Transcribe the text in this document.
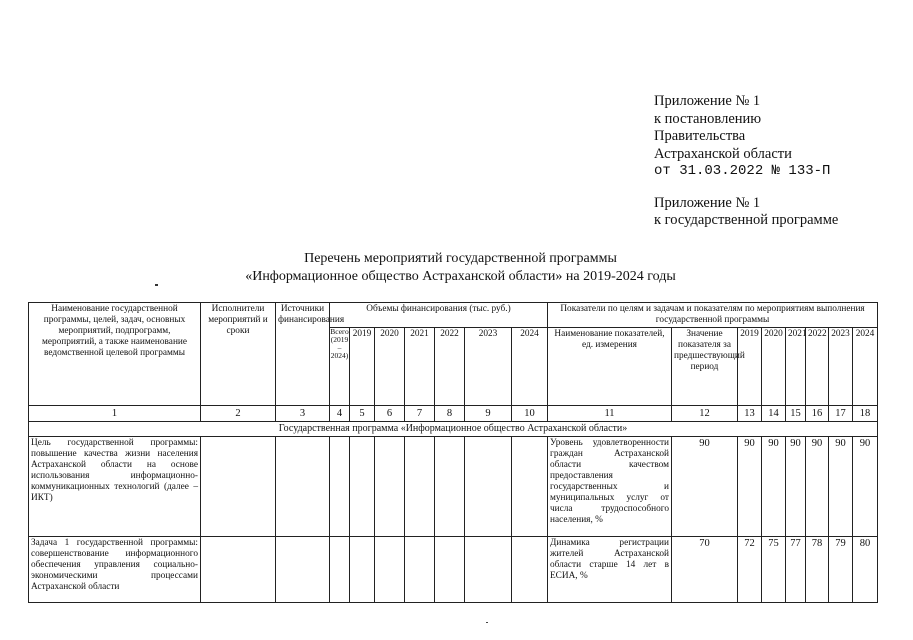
Приложение № 1
к постановлению
Правительства
Астраханской области
от 31.03.2022 № 133-П
Приложение № 1
к государственной программе
Перечень мероприятий государственной программы
«Информационное общество Астраханской области» на 2019-2024 годы
Наименование государственной программы, целей, задач, основных мероприятий, подпрограмм, мероприятий, а также наименование ведомственной целевой программы	Исполнители мероприятий и сроки	Источники финансирования	Объемы финансирования (тыс. руб.)							Показатели по целям и задачам и показателям по мероприятиям выполнения государственной программы							
			Всего (2019 – 2024)	2019	2020	2021	2022	2023	2024	Наименование показателей, ед. измерения	Значение показателя за предшествующий период	2019	2020	2021	2022	2023	2024
1	2	3	4	5	6	7	8	9	10	11	12	13	14	15	16	17	18
Государственная программа «Информационное общество Астраханской области»																	
Цель государственной программы: повышение качества жизни населения Астраханской области на основе использования информационно-коммуникационных технологий (далее – ИКТ)										Уровень удовлетворенности граждан Астраханской области качеством предоставления государственных и муниципальных услуг от числа трудоспособного населения, %	90	90	90	90	90	90	90
Задача 1 государственной программы: совершенствование информационного обеспечения управления социально-экономическими процессами Астраханской области										Динамика регистрации жителей Астраханской области старше 14 лет в ЕСИА, %	70	72	75	77	78	79	80
